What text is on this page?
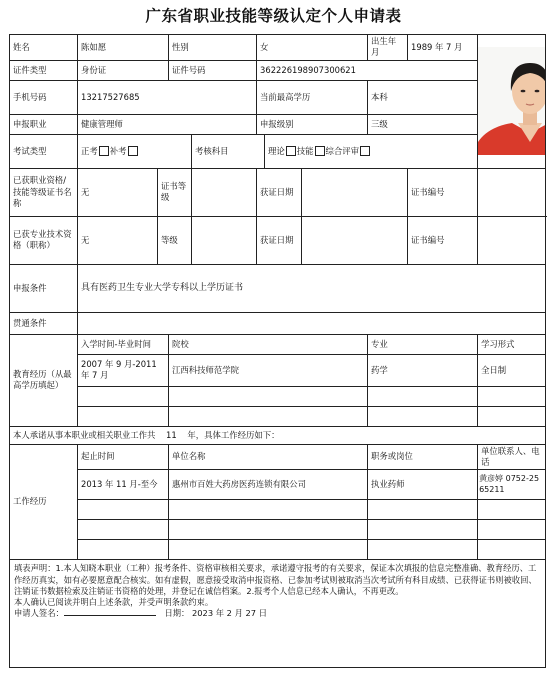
广东省职业技能等级认定个人申请表
姓名	陈如愿		性别		女			出生年月	1989 年 7 月	

证件类型	身份证		证件号码		362226198907300621					
手机号码	13217527685				当前最高学历			本科		
申报职业	健康管理师				申报级别			三级		
考试类型	正考 补考			考核科目		理论 技能 综合评审				
已获职业资格/技能等级证书名称	无	证书等级			获证日期				证书编号	
已获专业技术资格（职称）	无	等级			获证日期				证书编号	
申报条件	具有医药卫生专业大学专科以上学历证书									
贯通条件										
教育经历（从最高学历填起）	入学时间-毕业时间		院校					专业		学习形式
	2007 年 9 月-2011 年 7 月		江西科技师范学院					药学		全日制

本人承诺从事本职业或相关职业工作共 11 年，具体工作经历如下：										
工作经历	起止时间		单位名称					职务或岗位		单位联系人、电话
	2013 年 11 月-至今		惠州市百姓大药房医药连锁有限公司					执业药师		黄彦婷 0752-2565211

填表声明：1.本人知晓本职业（工种）报考条件、资格审核相关要求，承诺遵守报考的有关要求，保证本次填报的信息完整准确、教育经历、工作经历真实，如有必要愿意配合核实。如有虚假，愿意接受取消申报资格、已参加考试则被取消当次考试所有科目成绩、已获得证书则被收回、注销证书数据检索及注销证书资格的处理，并登记在诚信档案。2.报考个人信息已经本人确认，不再更改。
本人确认已阅读并明白上述条款，并受声明条款约束。
申请人签名： 日期： 2023 年 2 月 27 日										
